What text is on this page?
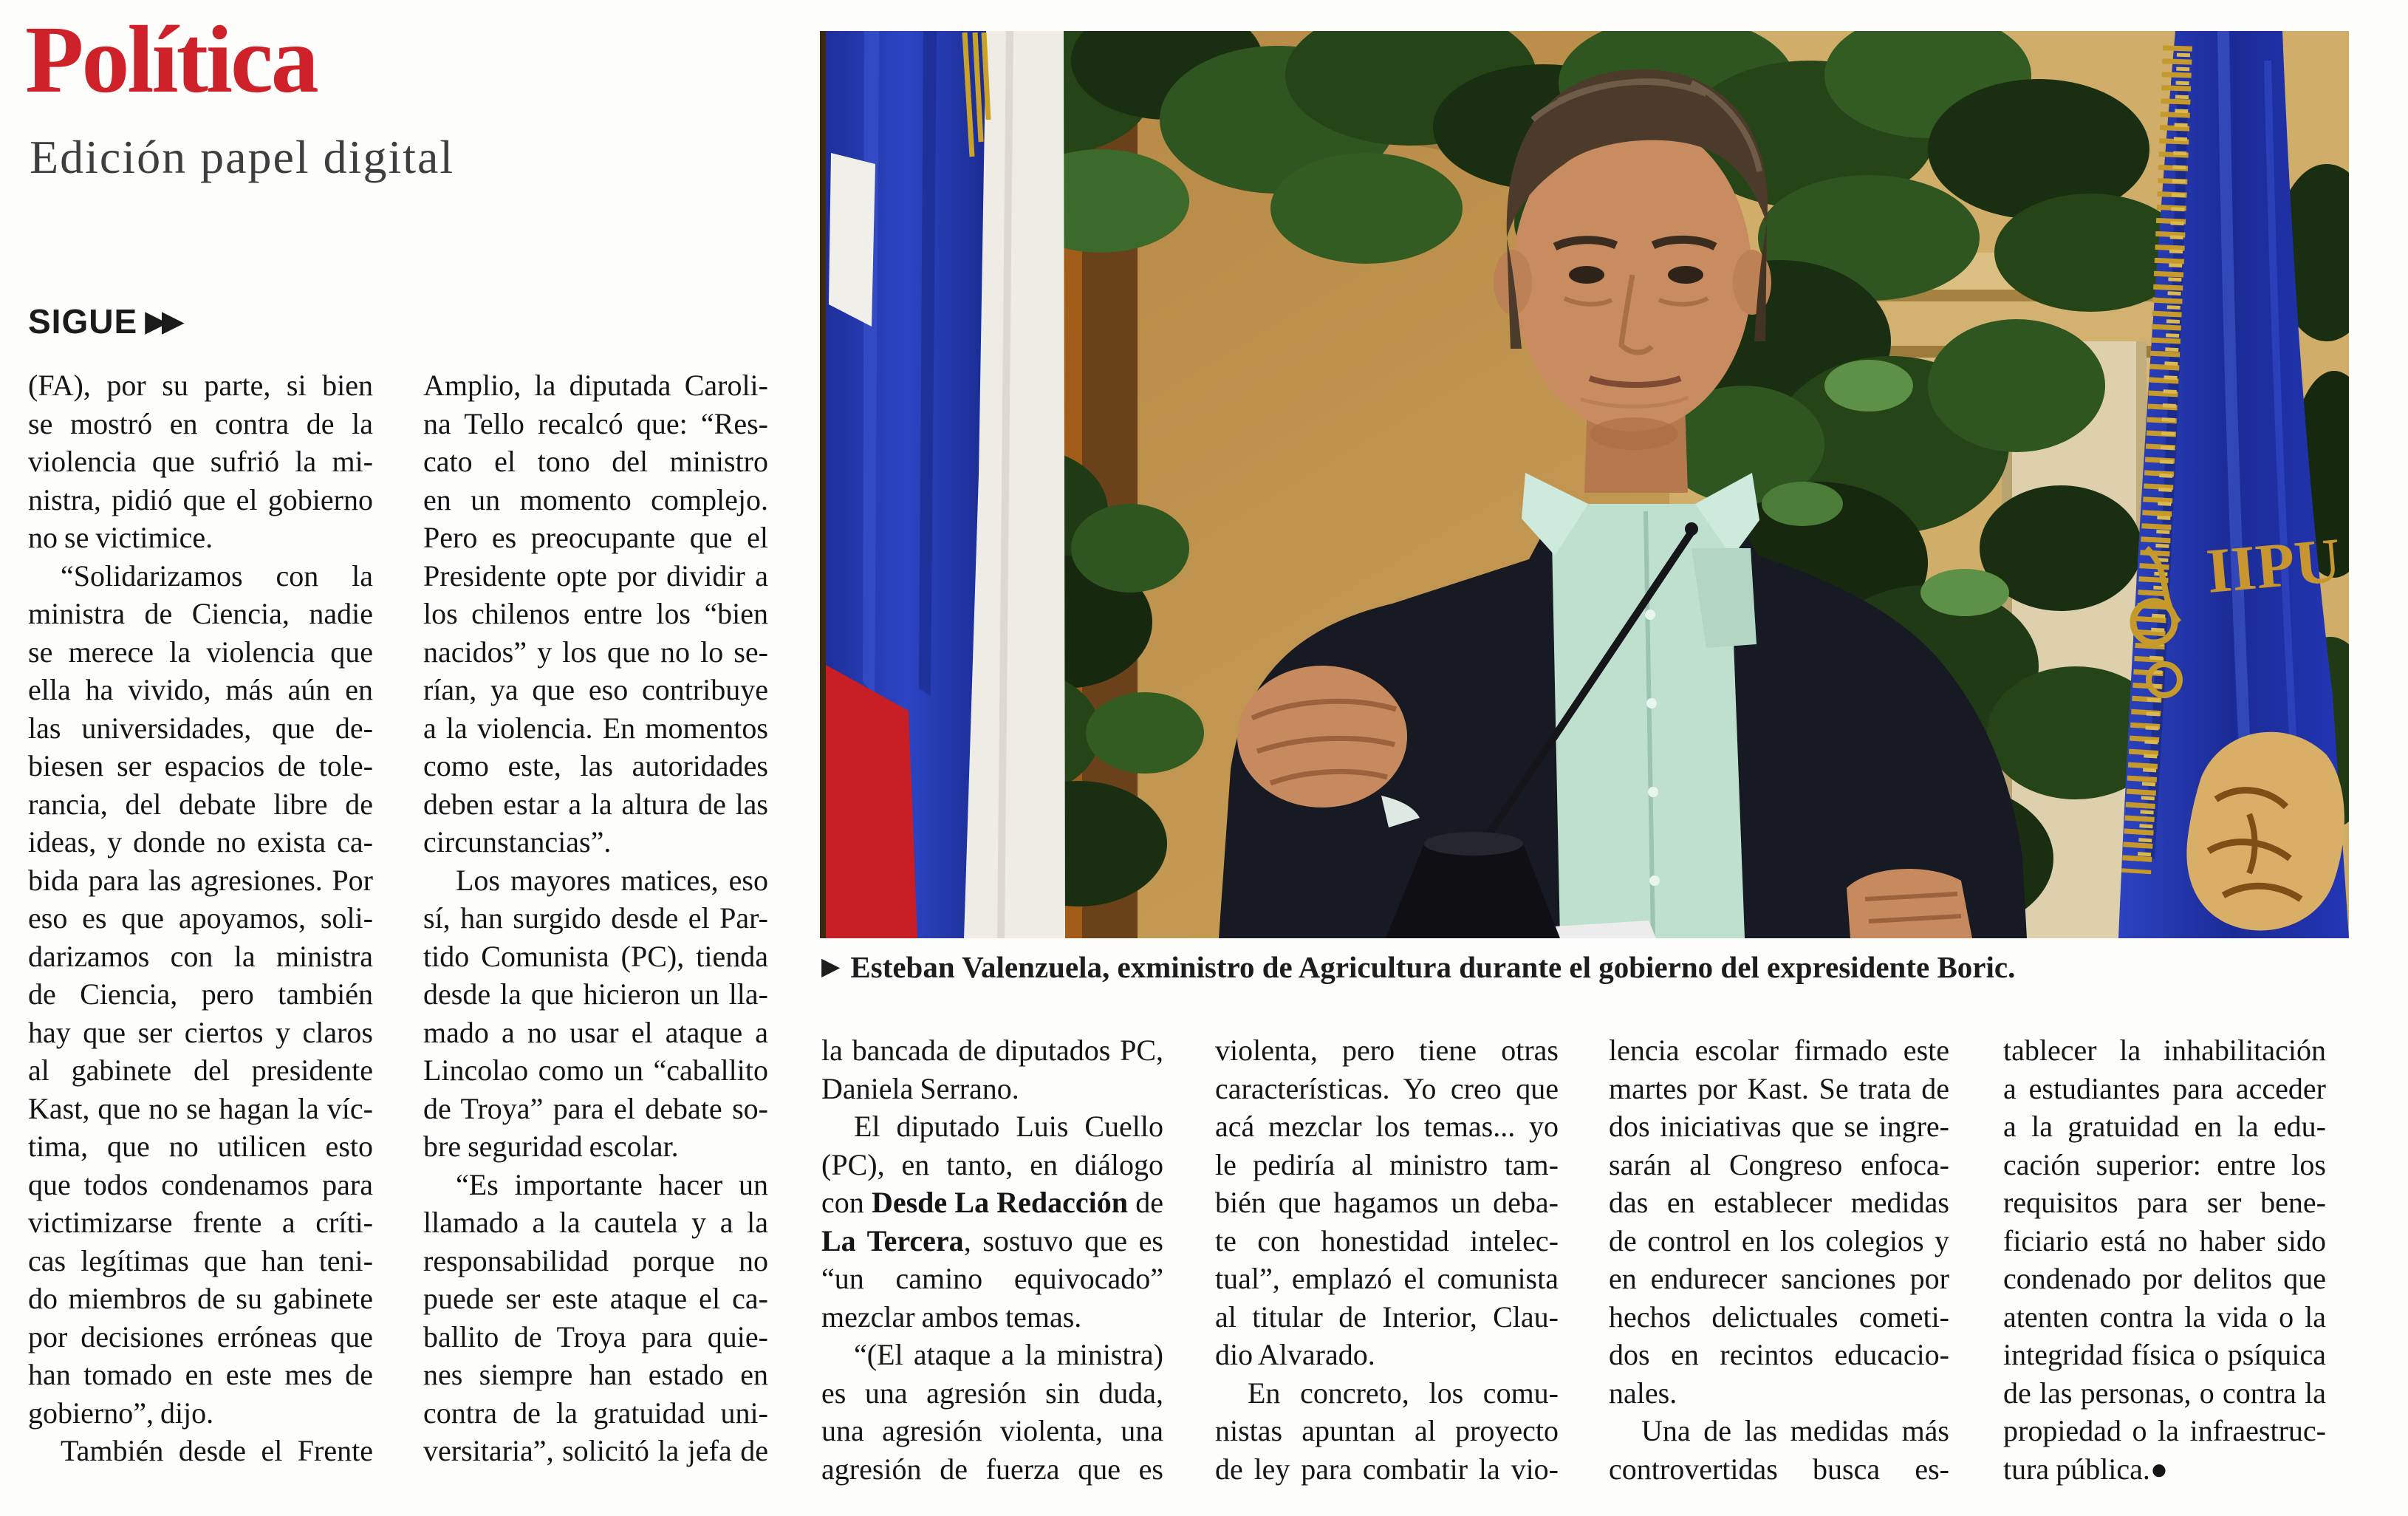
Política
Edición papel digital
SIGUE ▶▶
(FA), por su parte, si bien
se mostró en contra de la
violencia que sufrió la mi-
nistra, pidió que el gobierno
no se victimice.
“Solidarizamos con la
ministra de Ciencia, nadie
se merece la violencia que
ella ha vivido, más aún en
las universidades, que de-
biesen ser espacios de tole-
rancia, del debate libre de
ideas, y donde no exista ca-
bida para las agresiones. Por
eso es que apoyamos, soli-
darizamos con la ministra
de Ciencia, pero también
hay que ser ciertos y claros
al gabinete del presidente
Kast, que no se hagan la víc-
tima, que no utilicen esto
que todos condenamos para
victimizarse frente a críti-
cas legítimas que han teni-
do miembros de su gabinete
por decisiones erróneas que
han tomado en este mes de
gobierno”, dijo.
También desde el Frente
Amplio, la diputada Caroli-
na Tello recalcó que: “Res-
cato el tono del ministro
en un momento complejo.
Pero es preocupante que el
Presidente opte por dividir a
los chilenos entre los “bien
nacidos” y los que no lo se-
rían, ya que eso contribuye
a la violencia. En momentos
como este, las autoridades
deben estar a la altura de las
circunstancias”.
Los mayores matices, eso
sí, han surgido desde el Par-
tido Comunista (PC), tienda
desde la que hicieron un lla-
mado a no usar el ataque a
Lincolao como un “caballito
de Troya” para el debate so-
bre seguridad escolar.
“Es importante hacer un
llamado a la cautela y a la
responsabilidad porque no
puede ser este ataque el ca-
ballito de Troya para quie-
nes siempre han estado en
contra de la gratuidad uni-
versitaria”, solicitó la jefa de
la bancada de diputados PC,
Daniela Serrano.
El diputado Luis Cuello
(PC), en tanto, en diálogo
con Desde La Redacción de
La Tercera, sostuvo que es
“un camino equivocado”
mezclar ambos temas.
“(El ataque a la ministra)
es una agresión sin duda,
una agresión violenta, una
agresión de fuerza que es
violenta, pero tiene otras
características. Yo creo que
acá mezclar los temas... yo
le pediría al ministro tam-
bién que hagamos un deba-
te con honestidad intelec-
tual”, emplazó el comunista
al titular de Interior, Clau-
dio Alvarado.
En concreto, los comu-
nistas apuntan al proyecto
de ley para combatir la vio-
lencia escolar firmado este
martes por Kast. Se trata de
dos iniciativas que se ingre-
sarán al Congreso enfoca-
das en establecer medidas
de control en los colegios y
en endurecer sanciones por
hechos delictuales cometi-
dos en recintos educacio-
nales.
Una de las medidas más
controvertidas busca es-
tablecer la inhabilitación
a estudiantes para acceder
a la gratuidad en la edu-
cación superior: entre los
requisitos para ser bene-
ficiario está no haber sido
condenado por delitos que
atenten contra la vida o la
integridad física o psíquica
de las personas, o contra la
propiedad o la infraestruc-
tura pública.●
IIPU
▶ Esteban Valenzuela, exministro de Agricultura durante el gobierno del expresidente Boric.
